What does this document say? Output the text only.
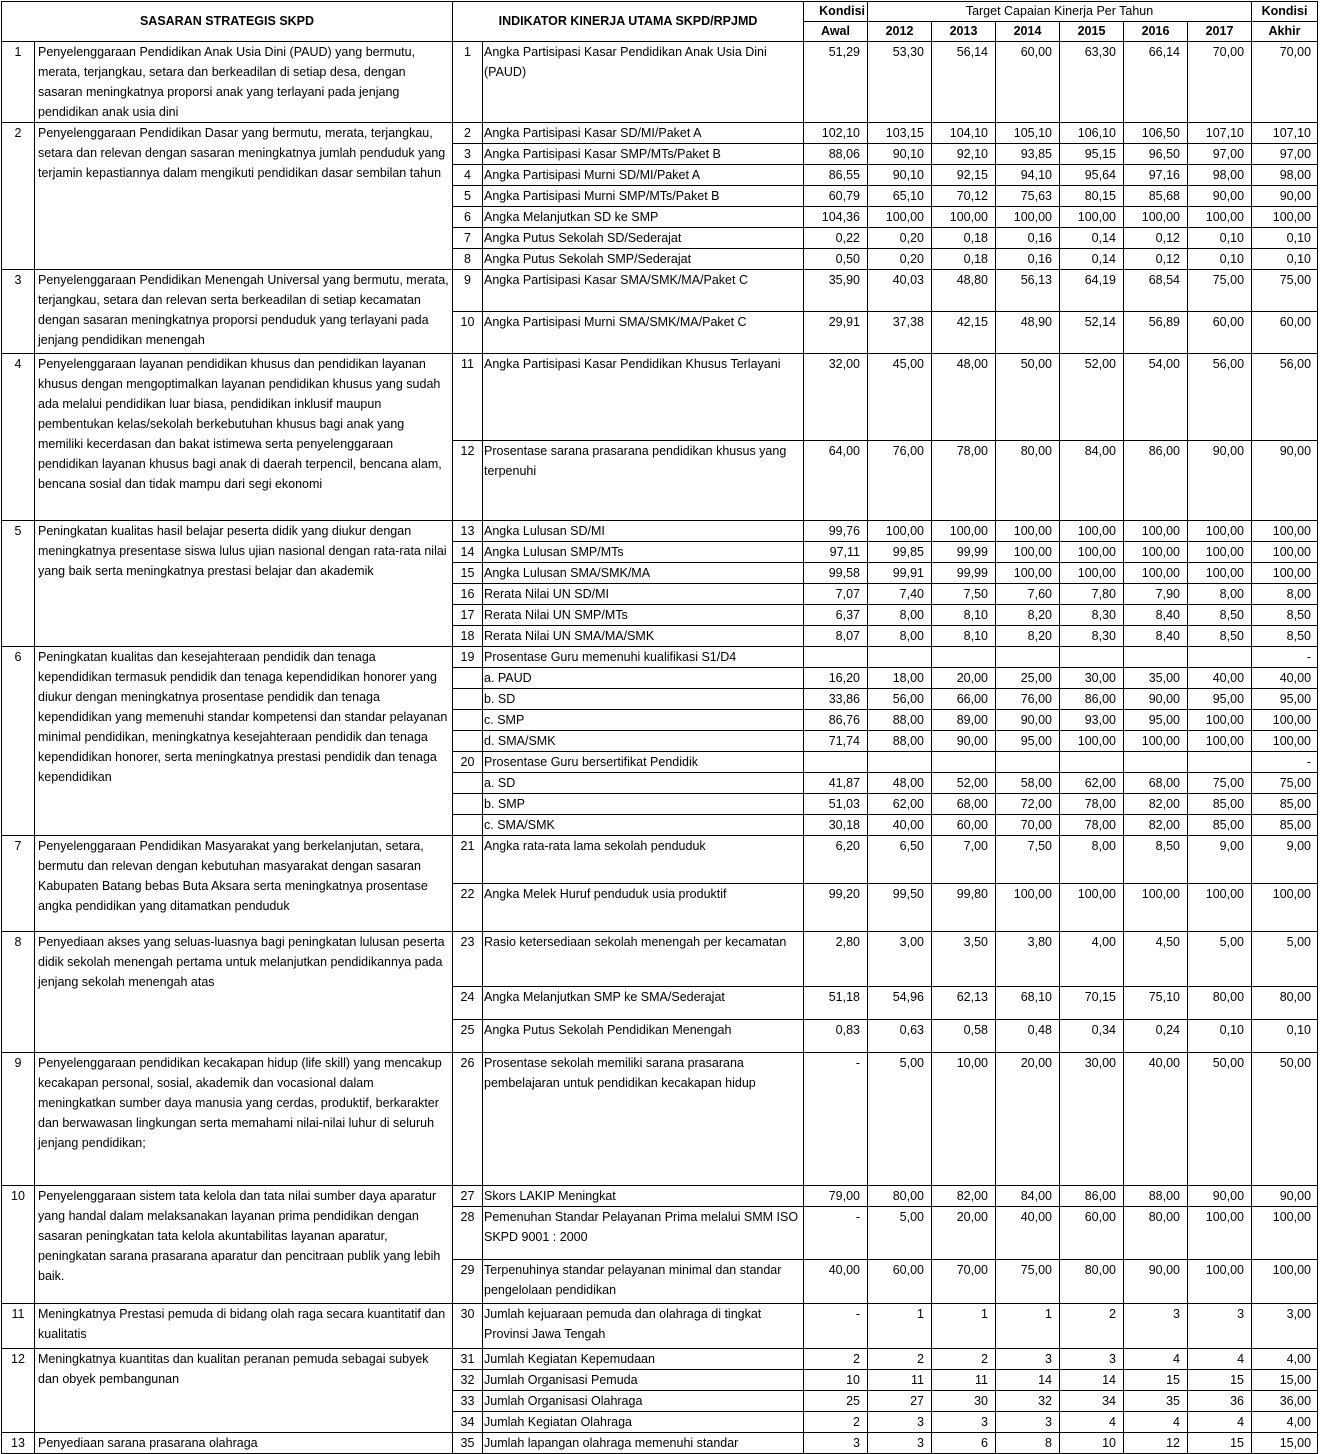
SASARAN STRATEGIS SKPD		INDIKATOR KINERJA UTAMA SKPD/RPJMD		Kondisi	Target Capaian Kinerja Per Tahun						Kondisi
				Awal	2012	2013	2014	2015	2016	2017	Akhir
1	Penyelenggaraan Pendidikan Anak Usia Dini (PAUD) yang bermutu, merata, terjangkau, setara dan berkeadilan di setiap desa, dengan sasaran meningkatnya proporsi anak yang terlayani pada jenjang pendidikan anak usia dini	1	Angka Partisipasi Kasar Pendidikan Anak Usia Dini (PAUD)	51,29	53,30	56,14	60,00	63,30	66,14	70,00	70,00
2	Penyelenggaraan Pendidikan Dasar yang bermutu, merata, terjangkau, setara dan relevan dengan sasaran meningkatnya jumlah penduduk yang terjamin kepastiannya dalam mengikuti pendidikan dasar sembilan tahun	2	Angka Partisipasi Kasar SD/MI/Paket A	102,10	103,15	104,10	105,10	106,10	106,50	107,10	107,10
		3	Angka Partisipasi Kasar SMP/MTs/Paket B	88,06	90,10	92,10	93,85	95,15	96,50	97,00	97,00
		4	Angka Partisipasi Murni SD/MI/Paket A	86,55	90,10	92,15	94,10	95,64	97,16	98,00	98,00
		5	Angka Partisipasi Murni SMP/MTs/Paket B	60,79	65,10	70,12	75,63	80,15	85,68	90,00	90,00
		6	Angka Melanjutkan SD ke SMP	104,36	100,00	100,00	100,00	100,00	100,00	100,00	100,00
		7	Angka Putus Sekolah SD/Sederajat	0,22	0,20	0,18	0,16	0,14	0,12	0,10	0,10
		8	Angka Putus Sekolah SMP/Sederajat	0,50	0,20	0,18	0,16	0,14	0,12	0,10	0,10
3	Penyelenggaraan Pendidikan Menengah Universal yang bermutu, merata, terjangkau, setara dan relevan serta berkeadilan di setiap kecamatan dengan sasaran meningkatnya proporsi penduduk yang terlayani pada jenjang pendidikan menengah	9	Angka Partisipasi Kasar SMA/SMK/MA/Paket C	35,90	40,03	48,80	56,13	64,19	68,54	75,00	75,00
		10	Angka Partisipasi Murni SMA/SMK/MA/Paket C	29,91	37,38	42,15	48,90	52,14	56,89	60,00	60,00
4	Penyelenggaraan layanan pendidikan khusus dan pendidikan layanan khusus dengan mengoptimalkan layanan pendidikan khusus yang sudah ada melalui pendidikan luar biasa, pendidikan inklusif maupun pembentukan kelas/sekolah berkebutuhan khusus bagi anak yang memiliki kecerdasan dan bakat istimewa serta penyelenggaraan pendidikan layanan khusus bagi anak di daerah terpencil, bencana alam, bencana sosial dan tidak mampu dari segi ekonomi	11	Angka Partisipasi Kasar Pendidikan Khusus Terlayani	32,00	45,00	48,00	50,00	52,00	54,00	56,00	56,00
		12	Prosentase sarana prasarana pendidikan khusus yang terpenuhi	64,00	76,00	78,00	80,00	84,00	86,00	90,00	90,00
5	Peningkatan kualitas hasil belajar peserta didik yang diukur dengan meningkatnya presentase siswa lulus ujian nasional dengan rata-rata nilai yang baik serta meningkatnya prestasi belajar dan akademik	13	Angka Lulusan SD/MI	99,76	100,00	100,00	100,00	100,00	100,00	100,00	100,00
		14	Angka Lulusan SMP/MTs	97,11	99,85	99,99	100,00	100,00	100,00	100,00	100,00
		15	Angka Lulusan SMA/SMK/MA	99,58	99,91	99,99	100,00	100,00	100,00	100,00	100,00
		16	Rerata Nilai UN SD/MI	7,07	7,40	7,50	7,60	7,80	7,90	8,00	8,00
		17	Rerata Nilai UN SMP/MTs	6,37	8,00	8,10	8,20	8,30	8,40	8,50	8,50
		18	Rerata Nilai UN SMA/MA/SMK	8,07	8,00	8,10	8,20	8,30	8,40	8,50	8,50
6	Peningkatan kualitas dan kesejahteraan pendidik dan tenaga kependidikan termasuk pendidik dan tenaga kependidikan honorer yang diukur dengan meningkatnya prosentase pendidik dan tenaga kependidikan yang memenuhi standar kompetensi dan standar pelayanan minimal pendidikan, meningkatnya kesejahteraan pendidik dan tenaga kependidikan honorer, serta meningkatnya prestasi pendidik dan tenaga kependidikan	19	Prosentase Guru memenuhi kualifikasi S1/D4								-
			a. PAUD	16,20	18,00	20,00	25,00	30,00	35,00	40,00	40,00
			b. SD	33,86	56,00	66,00	76,00	86,00	90,00	95,00	95,00
			c. SMP	86,76	88,00	89,00	90,00	93,00	95,00	100,00	100,00
			d. SMA/SMK	71,74	88,00	90,00	95,00	100,00	100,00	100,00	100,00
		20	Prosentase Guru bersertifikat Pendidik								-
			a. SD	41,87	48,00	52,00	58,00	62,00	68,00	75,00	75,00
			b. SMP	51,03	62,00	68,00	72,00	78,00	82,00	85,00	85,00
			c. SMA/SMK	30,18	40,00	60,00	70,00	78,00	82,00	85,00	85,00
7	Penyelenggaraan Pendidikan Masyarakat yang berkelanjutan, setara, bermutu dan relevan dengan kebutuhan masyarakat dengan sasaran Kabupaten Batang bebas Buta Aksara serta meningkatnya prosentase angka pendidikan yang ditamatkan penduduk	21	Angka rata-rata lama sekolah penduduk	6,20	6,50	7,00	7,50	8,00	8,50	9,00	9,00
		22	Angka Melek Huruf penduduk usia produktif	99,20	99,50	99,80	100,00	100,00	100,00	100,00	100,00
8	Penyediaan akses yang seluas-luasnya bagi peningkatan lulusan peserta didik sekolah menengah pertama untuk melanjutkan pendidikannya pada jenjang sekolah menengah atas	23	Rasio ketersediaan sekolah menengah per kecamatan	2,80	3,00	3,50	3,80	4,00	4,50	5,00	5,00
		24	Angka Melanjutkan SMP ke SMA/Sederajat	51,18	54,96	62,13	68,10	70,15	75,10	80,00	80,00
		25	Angka Putus Sekolah Pendidikan Menengah	0,83	0,63	0,58	0,48	0,34	0,24	0,10	0,10
9	Penyelenggaraan pendidikan kecakapan hidup (life skill) yang mencakup kecakapan personal, sosial, akademik dan vocasional dalam meningkatkan sumber daya manusia yang cerdas, produktif, berkarakter dan berwawasan lingkungan serta memahami nilai-nilai luhur di seluruh jenjang pendidikan;	26	Prosentase sekolah memiliki sarana prasarana pembelajaran untuk pendidikan kecakapan hidup	-	5,00	10,00	20,00	30,00	40,00	50,00	50,00
10	Penyelenggaraan sistem tata kelola dan tata nilai sumber daya aparatur yang handal dalam melaksanakan layanan prima pendidikan dengan sasaran peningkatan tata kelola akuntabilitas layanan aparatur, peningkatan sarana prasarana aparatur dan pencitraan publik yang lebih baik.	27	Skors LAKIP Meningkat	79,00	80,00	82,00	84,00	86,00	88,00	90,00	90,00
		28	Pemenuhan Standar Pelayanan Prima melalui SMM ISO SKPD 9001 : 2000	-	5,00	20,00	40,00	60,00	80,00	100,00	100,00
		29	Terpenuhinya standar pelayanan minimal dan standar pengelolaan pendidikan	40,00	60,00	70,00	75,00	80,00	90,00	100,00	100,00
11	Meningkatnya Prestasi pemuda di bidang olah raga secara kuantitatif dan kualitatis	30	Jumlah kejuaraan pemuda dan olahraga di tingkat Provinsi Jawa Tengah	-	1	1	1	2	3	3	3,00
12	Meningkatnya kuantitas dan kualitan peranan pemuda sebagai subyek dan obyek pembangunan	31	Jumlah Kegiatan Kepemudaan	2	2	2	3	3	4	4	4,00
		32	Jumlah Organisasi Pemuda	10	11	11	14	14	15	15	15,00
		33	Jumlah Organisasi Olahraga	25	27	30	32	34	35	36	36,00
		34	Jumlah Kegiatan Olahraga	2	3	3	3	4	4	4	4,00
13	Penyediaan sarana prasarana olahraga	35	Jumlah lapangan olahraga memenuhi standar	3	3	6	8	10	12	15	15,00
